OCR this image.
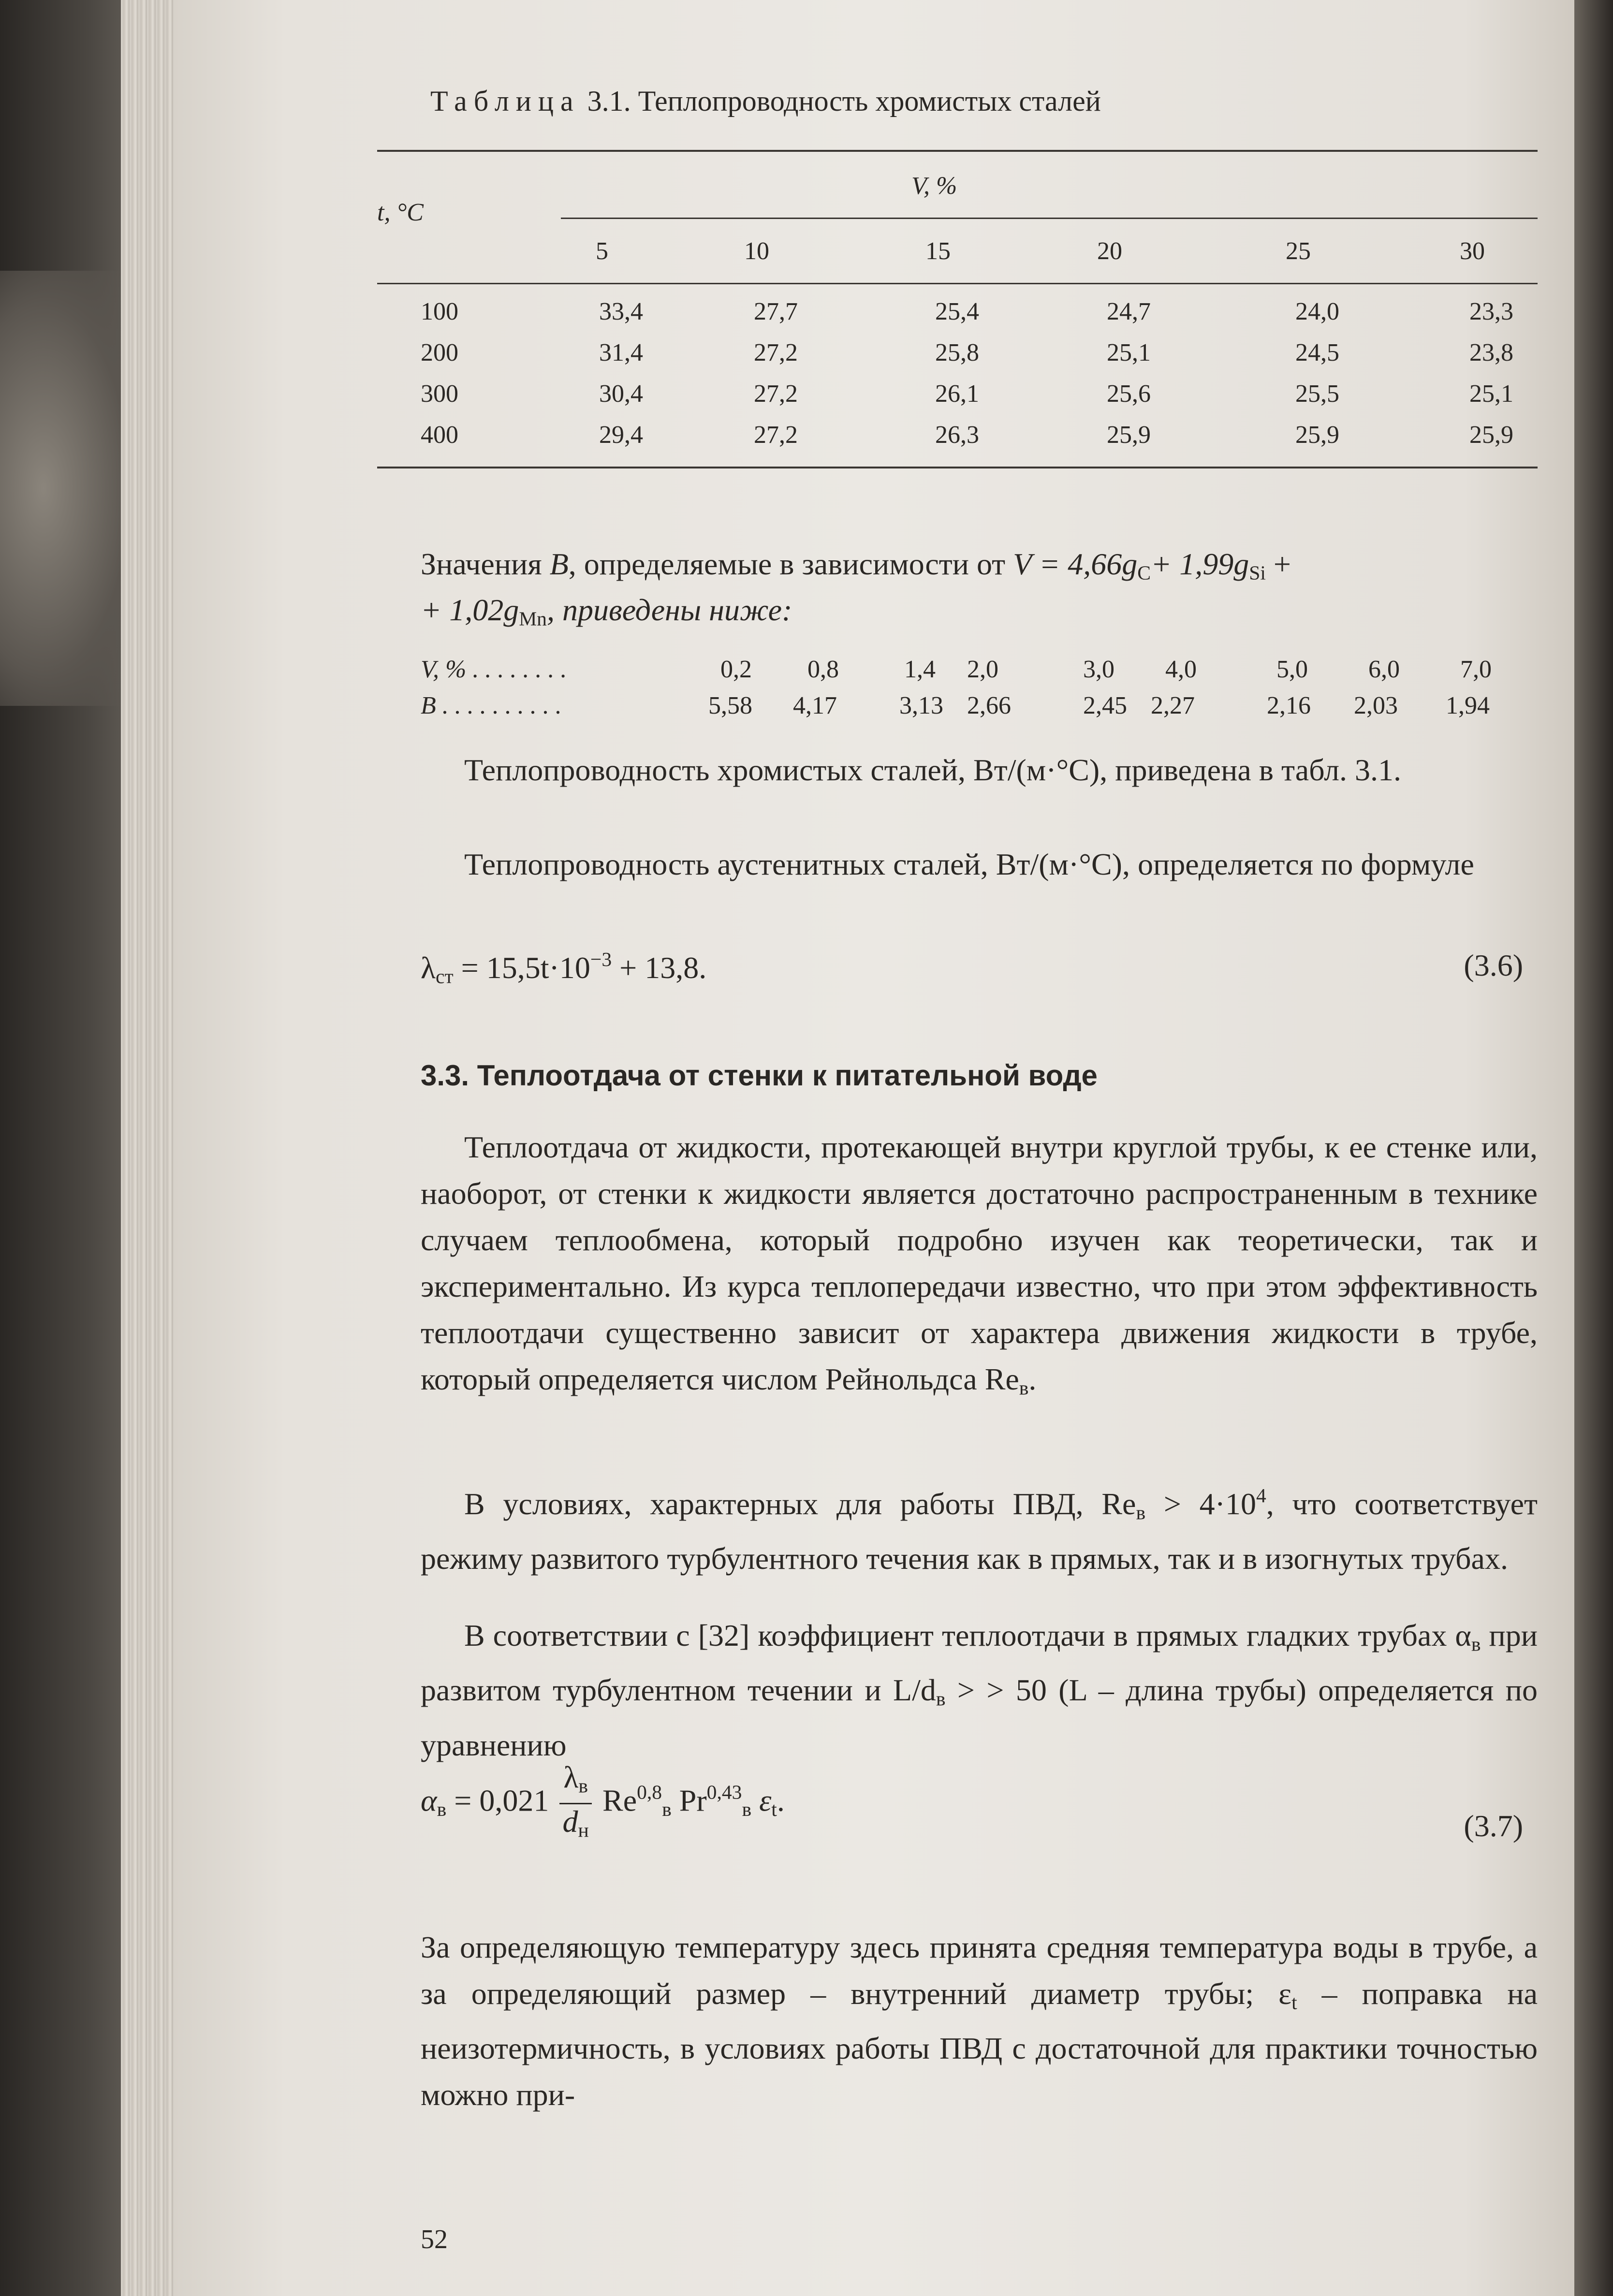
Таблица 3.1. Теплопроводность хромистых сталей
t, °C
V, %
5	10	15	20	25	30
100	33,4	27,7	25,4	24,7	24,0	23,3
200	31,4	27,2	25,8	25,1	24,5	23,8
300	30,4	27,2	26,1	25,6	25,5	25,1
400	29,4	27,2	26,3	25,9	25,9	25,9
Значения B, определяемые в зависимости от $V = 4,66g_C+ 1,99g_{Si}$ +
+ $1,02g_{Mn}$, приведены ниже:
V, % . . . . . . . .	0,2 0,8	1,4 2,0	3,0 4,0	5,0 6,0 7,0
B . . . . . . . . . .	5,58 4,17 3,13 2,66	2,45 2,27	2,16 2,03 1,94
Теплопроводность хромистых сталей, Вт/(м·°C), приведена в табл. 3.1.
Теплопроводность аустенитных сталей, Вт/(м·°C), определяется по формуле
$\lambda_{ст} = 15,5t\cdot 10^{-3} + 13,8$.	(3.6)
3.3. Теплоотдача от стенки к питательной воде
Теплоотдача от жидкости, протекающей внутри круглой трубы, к ее стенке или, наоборот, от стенки к жидкости является достаточно распространенным в технике случаем теплообмена, который подробно изучен как теоретически, так и экспериментально. Из курса теплопередачи известно, что при этом эффективность теплоотдачи существенно зависит от характера движения жидкости в трубе, который определяется числом Рейнольдса $Re_в$.
В условиях, характерных для работы ПВД, $Re_в > 4\cdot 10^4$, что соответствует режиму развитого турбулентного течения как в прямых, так и в изогнутых трубах.
В соответствии с [32] коэффициент теплоотдачи в прямых гладких трубах $\alpha_в$ при развитом турбулентном течении и $L/d_в$ > > 50 (L – длина трубы) определяется по уравнению
$\alpha_в = 0,021 \frac{\lambda_в}{d_н} Re^{0,8}_в$ Pr$^{0,43}_в$ $\varepsilon_t$.
(3.7)
За определяющую температуру здесь принята средняя температура воды в трубе, а за определяющий размер – внутренний диаметр трубы; $\varepsilon_t$ – поправка на неизотермичность, в условиях работы ПВД с достаточной для практики точностью можно при-
52
